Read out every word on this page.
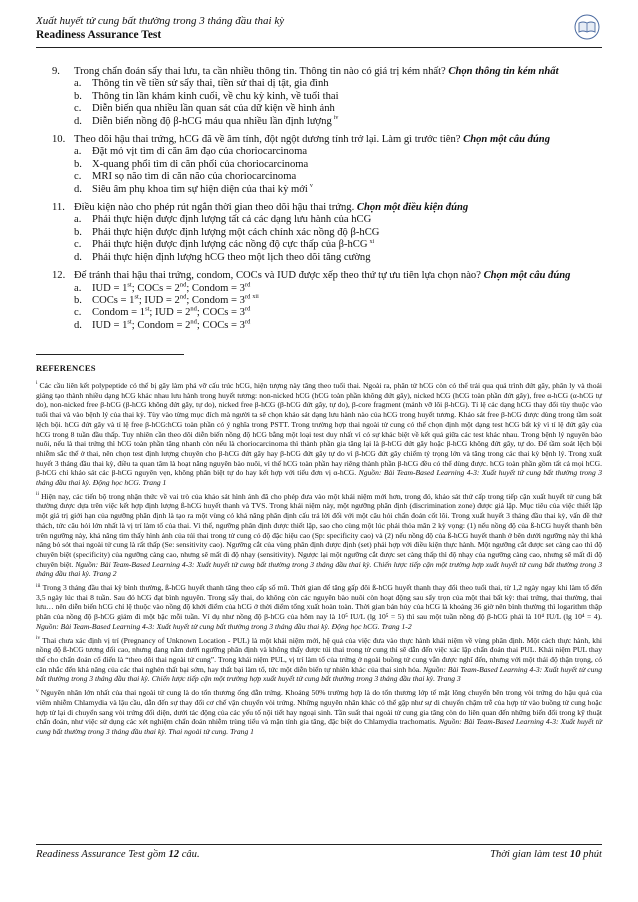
Xuất huyết tử cung bất thường trong 3 tháng đầu thai kỳ
Readiness Assurance Test
9. Trong chẩn đoán sẩy thai lưu, ta cần nhiều thông tin. Thông tin nào có giá trị kém nhất? Chọn thông tin kém nhất
a. Thông tin về tiền sử sẩy thai, tiền sử thai dị tật, gia đình
b. Thông tin lần khám kinh cuối, về chu kỳ kinh, về tuổi thai
c. Diễn biến qua nhiều lần quan sát của dữ kiện về hình ảnh
d. Diễn biến nồng độ β-hCG máu qua nhiều lần định lượng $^{iv}$
10. Theo dõi hậu thai trứng, hCG đã về âm tính, đột ngột dương tính trở lại. Làm gì trước tiên? Chọn một câu đúng
a. Đặt mỏ vịt tìm di căn âm đạo của choriocarcinoma
b. X-quang phổi tìm di căn phổi của choriocarcinoma
c. MRI sọ não tìm di căn não của choriocarcinoma
d. Siêu âm phụ khoa tìm sự hiện diện của thai kỳ mới $^v$
11. Điều kiện nào cho phép rút ngắn thời gian theo dõi hậu thai trứng. Chọn một điều kiện đúng
a. Phải thực hiện được định lượng tất cả các dạng lưu hành của hCG
b. Phải thực hiện được định lượng một cách chính xác nồng độ β-hCG
c. Phải thực hiện được định lượng các nồng độ cực thấp của β-hCG $^{xi}$
d. Phải thực hiện định lượng hCG theo một lịch theo dõi tăng cường
12. Để tránh thai hậu thai trứng, condom, COCs và IUD được xếp theo thứ tự ưu tiên lựa chọn nào? Chọn một câu đúng
a. IUD = 1st; COCs = 2nd; Condom = 3rd
b. COCs = 1st; IUD = 2nd; Condom = 3rd $^{xii}$
c. Condom = 1st; IUD = 2nd; COCs = 3rd
d. IUD = 1st; Condom = 2nd; COCs = 3rd
REFERENCES
$^i$ Các cầu liên kết polypeptide có thể bị gãy làm phá vỡ cấu trúc hCG, hiện tượng này tăng theo tuổi thai. Ngoài ra, phân tử hCG còn có thể trải qua quá trình đứt gãy, phân ly và thoái giáng tạo thành nhiều dạng hCG khác nhau lưu hành trong huyết tương: non-nicked hCG (hCG toàn phần không đứt gãy), nicked hCG (hCG toàn phần đứt gãy), free α-hCG (α-hCG tự do), non-nicked free β-hCG (β-hCG không đứt gãy, tự do), nicked free β-hCG (β-hCG đứt gãy, tự do), β-core fragment (mảnh vỡ lõi β-hCG). Tỉ lệ các dạng hCG thay đổi tùy thuộc vào tuổi thai và vào bệnh lý của thai kỳ. Tùy vào từng mục đích mà người ta sẽ chọn khảo sát dạng lưu hành nào của hCG trong huyết tương. Khảo sát free β-hCG được dùng trong tầm soát lệch bội. hCG đứt gãy và tỉ lệ free β-hCG:hCG toàn phần có ý nghĩa trong PSTT. Trong trường hợp thai ngoài tử cung có thể chọn định một dạng test hCG bất kỳ vì tỉ lệ đứt gãy của hCG trong 8 tuần đầu thấp. Tuy nhiên cần theo dõi diễn biến nồng độ hCG bằng một loại test duy nhất vì có sự khác biệt về kết quả giữa các test khác nhau. Trong bệnh lý nguyên bào nuôi, nếu là thai trứng thì hCG toàn phần tăng nhanh còn nếu là choriocarcinoma thì thành phần gia tăng lại là β-hCG đứt gãy hoặc β-hCG không đứt gãy, tự do. Để tầm soát lệch bội nhiễm sắc thể ở thai, nên chọn test định lượng chuyên cho β-hCG đứt gãy hay β-hCG đứt gãy tự do vì β-hCG đứt gãy chiếm tỷ trọng lớn và tăng trong các thai kỳ bệnh lý. Trong xuất huyết 3 tháng đầu thai kỳ, điều ta quan tâm là hoạt năng nguyên bào nuôi, vì thế hCG toàn phần hay riêng thành phần β-hCG đều có thể dùng được. hCG toàn phần gồm tất cả mọi hCG. β-hCG chỉ khảo sát các β-hCG nguyên vẹn, không phân biệt tự do hay kết hợp với tiểu đơn vị α-hCG. Nguồn: Bài Team-Based Learning 4-3: Xuất huyết tử cung bất thường trong 3 tháng đầu thai kỳ. Động học hCG. Trang 1
$^{ii}$ Hiện nay, các tiến bộ trong nhận thức về vai trò của khảo sát hình ảnh đã cho phép đưa vào một khái niệm mới hơn, trong đó, khảo sát thứ cấp trong tiếp cận xuất huyết tử cung bất thường được dựa trên việc kết hợp định lượng ß-hCG huyết thanh và TVS. Trong khái niệm này, một ngưỡng phân định (discrimination zone) được giả lập. Mục tiêu của việc thiết lập một giá trị giới hạn của ngưỡng phân định là tạo ra một vùng có khả năng phân định cấu trả lời đối với một câu hỏi chẩn đoán cốt lõi. Trong xuất huyết 3 tháng đầu thai kỳ, vấn đề thứ thách, tức câu hỏi lớn nhất là vị trí làm tổ của thai. Vì thế, ngưỡng phân định được thiết lập, sao cho cùng một lúc phải thỏa mãn 2 kỳ vọng: (1) nếu nồng độ của ß-hCG huyết thanh bên trên ngưỡng này, khả năng tìm thấy hình ảnh của túi thai trong tử cung có độ đặc hiệu cao (Sp: specificity cao) và (2) nếu nồng độ của ß-hCG huyết thanh ở bên dưới ngưỡng này thì khả năng bỏ sót thai ngoài tử cung là rất thấp (Se: sensitivity cao). Ngưỡng cắt của vùng phân định được định (set) phải hợp với điều kiện thực hành. Một ngưỡng cắt được set càng cao thì độ chuyên biệt (specificity) của ngưỡng càng cao, nhưng sẽ mất đi độ nhạy (sensitivity). Ngược lại một ngưỡng cắt được set càng thấp thì độ nhạy của ngưỡng càng cao, nhưng sẽ mất đi độ chuyên biệt. Nguồn: Bài Team-Based Learning 4-3: Xuất huyết tử cung bất thường trong 3 tháng đầu thai kỳ. Chiến lược tiếp cận một trường hợp xuất huyết tử cung bất thường trong 3 tháng đầu thai kỳ. Trang 2
$^{iii}$ Trong 3 tháng đầu thai kỳ bình thường, ß-hCG huyết thanh tăng theo cấp số mũ. Thời gian để tăng gấp đôi ß-hCG huyết thanh thay đổi theo tuổi thai, từ 1,2 ngày ngay khi làm tổ đến 3,5 ngày lúc thai 8 tuần. Sau đó hCG đạt bình nguyên. Trong sẩy thai, do không còn các nguyên bào nuôi còn hoạt động sau sẩy trọn của một thai bất kỳ: thai trứng, thai thường, thai lưu… nên diễn biến hCG chỉ lệ thuộc vào nồng độ khởi điểm của hCG ở thời điểm tổng xuất hoàn toàn. Thời gian bán hủy của hCG là khoảng 36 giờ nên bình thường thì logarithm thập phân của nồng độ β-hCG giảm đi một bậc mỗi tuần. Ví dụ như nồng độ β-hCG của hôm nay là 10⁵ IU/L (lg 10⁵ = 5) thì sau một tuần nồng độ β-hCG phải là 10⁴ IU/L (lg 10⁴ = 4). Nguồn: Bài Team-Based Learning 4-3: Xuất huyết tử cung bất thường trong 3 tháng đầu thai kỳ. Động học hCG. Trang 1-2
$^{iv}$ Thai chưa xác định vị trí (Pregnancy of Unknown Location - PUL) là một khái niệm mới, hệ quả của việc đưa vào thực hành khái niệm về vùng phân định. Một cách thực hành, khi nồng độ ß-hCG tương đối cao, nhưng đang nằm dưới ngưỡng phân định và không thấy được túi thai trong tử cung thì sẽ dẫn đến việc xác lập chẩn đoán thai PUL. Khái niệm PUL thay thế cho chẩn đoán cổ điển là “theo dõi thai ngoài tử cung”. Trong khái niệm PUL, vị trí làm tổ của trứng ở ngoài buồng tử cung vẫn được nghĩ đến, nhưng với một thái độ thận trọng, có cân nhắc đến khả năng của các thai nghén thất bại sớm, hay thất bại làm tổ, tức một diễn biến tự nhiên khác của thai sinh hóa. Nguồn: Bài Team-Based Learning 4-3: Xuất huyết tử cung bất thường trong 3 tháng đầu thai kỳ. Chiến lược tiếp cận một trường hợp xuất huyết tử cung bất thường trong 3 tháng đầu thai kỳ. Trang 3
$^v$ Nguyên nhân lớn nhất của thai ngoài tử cung là do tổn thương ống dẫn trứng. Khoảng 50% trường hợp là do tổn thương lớp tế mặt lông chuyển bên trong vòi trứng do hậu quả của viêm nhiễm Chlamydia và lậu cầu, dẫn đến sự thay đổi cơ chế vận chuyển vòi trứng. Những nguyên nhân khác có thể gặp như sự di chuyển chậm trễ của hợp tử vào buồng tử cung hoặc hợp tử lại di chuyển sang vòi trứng đối diện, dưới tác động của các yếu tố nội tiết hay ngoại sinh. Tần suất thai ngoài tử cung gia tăng còn do liên quan đến những biến đổi trong kỹ thuật chẩn đoán, như việc sử dụng các xét nghiệm chẩn đoán nhiễm trùng tiểu và mặn tính gia tăng, đặc biệt do Chlamydia trachomatis. Nguồn: Bài Team-Based Learning 4-3: Xuất huyết tử cung bất thường trong 3 tháng đầu thai kỳ. Thai ngoài tử cung. Trang 1
Readiness Assurance Test gồm 12 câu.	Thời gian làm test 10 phút
